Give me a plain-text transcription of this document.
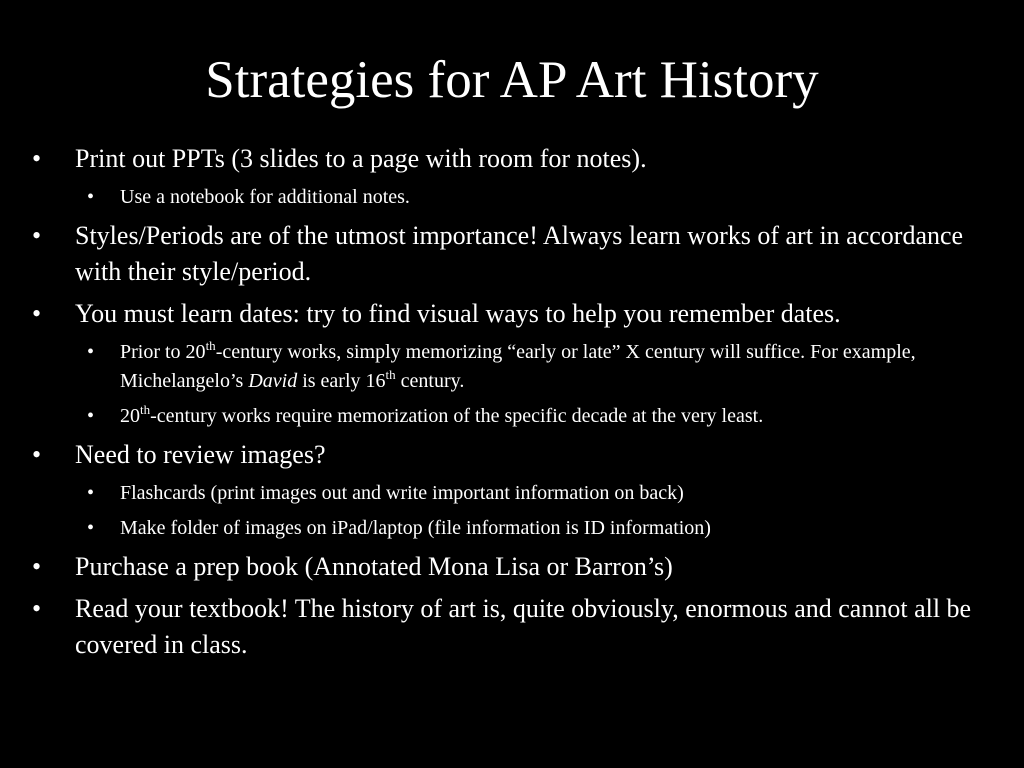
Strategies for AP Art History
• Print out PPTs (3 slides to a page with room for notes).
• Use a notebook for additional notes.
• Styles/Periods are of the utmost importance! Always learn works of art in accordance with their style/period.
• You must learn dates: try to find visual ways to help you remember dates.
• Prior to 20th-century works, simply memorizing “early or late” X century will suffice. For example, Michelangelo’s David is early 16th century.
• 20th-century works require memorization of the specific decade at the very least.
• Need to review images?
• Flashcards (print images out and write important information on back)
• Make folder of images on iPad/laptop (file information is ID information)
• Purchase a prep book (Annotated Mona Lisa or Barron’s)
• Read your textbook! The history of art is, quite obviously, enormous and cannot all be covered in class.
